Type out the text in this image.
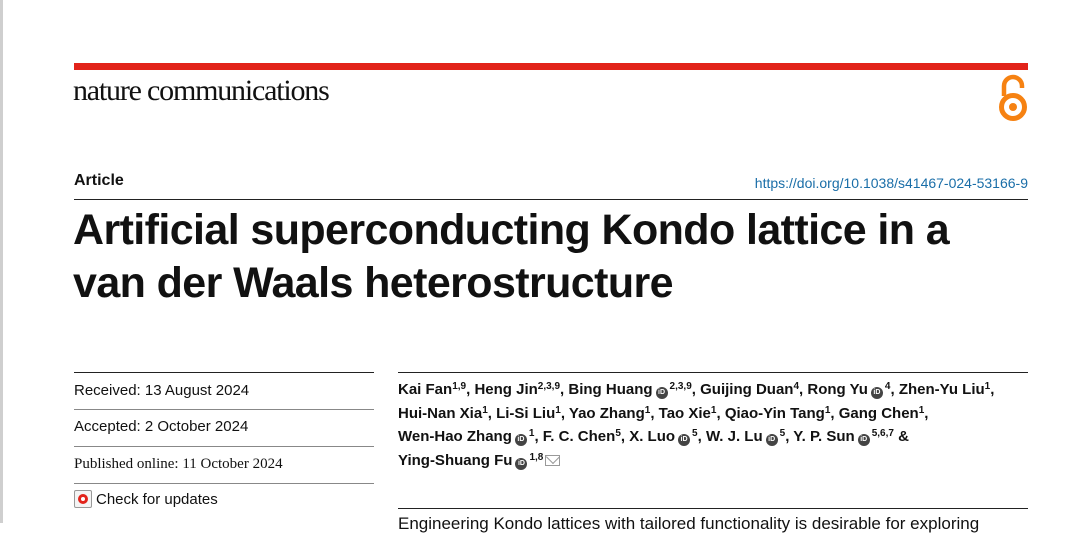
nature communications
Article	https://doi.org/10.1038/s41467-024-53166-9
Artificial superconducting Kondo lattice in a
van der Waals heterostructure
Received: 13 August 2024
Accepted: 2 October 2024
Published online: 11 October 2024
Check for updates
Kai Fan$^{1,9}$, Heng Jin$^{2,3,9}$, Bing Huang iD$^{2,3,9}$, Guijing Duan$^4$, Rong Yu $iD^4$, Zhen-Yu Liu$^1$, Hui-Nan Xia$^1$, Li-Si Liu$^1$, Yao Zhang$^1$, Tao Xie$^1$, Qiao-Yin Tang$^1$, Gang Chen$^1$, Wen-Hao Zhang $iD^1$, F. C. Chen$^5$, X. Luo $iD^5$, W. J. Lu $iD^5$, Y. P. Sun iD$^{5,6,7}$ & Ying-Shuang Fu iD$^{1,8}$
Engineering Kondo lattices with tailored functionality is desirable for exploring
